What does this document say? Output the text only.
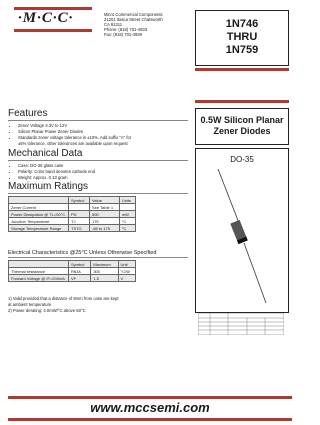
·M·C·C·	Micro Commercial Components
21201 Itasca Street Chatsworth
CA 91311
Phone: (818) 701-4933
Fax: (818) 701-4939
1N746
THRU
1N759
0.5W Silicon Planar
Zener Diodes
DO-35
Features
• Zener Voltage 3.3V to 12V
• Silicon Planar Power Zener Diodes
• Standards zener voltage tolerance is ±10%. Add suffix "A" for
±5% tolerance, other tolerances are available upon request
Mechanical Data
• Case: DO-35 glass case
• Polarity: Color band denotes cathode end
• Weight: Approx. 0.13 gram
Maximum Ratings
	Symbol	Value	Units
Zener Current		See Table 1	
Power Dissipation @ TL=50°C	PD	500	mW
Junction Temperature	TJ	175	°C
Storage Temperature Range	TSTG	-65 to 175	°C
Electrical Characteristics @25°C Unless Otherwise Specified
	Symbol	Maximum	Unit
Thermal resistance	RθJA	300	°C/W
Forward Voltage @ IF=200mA	VF	1.5	V
1) Valid provided that a distance of 8mm from case are kept
at ambient temperature
2) Power derating: 4.0mW/°C above 50°C
www.mccsemi.com
